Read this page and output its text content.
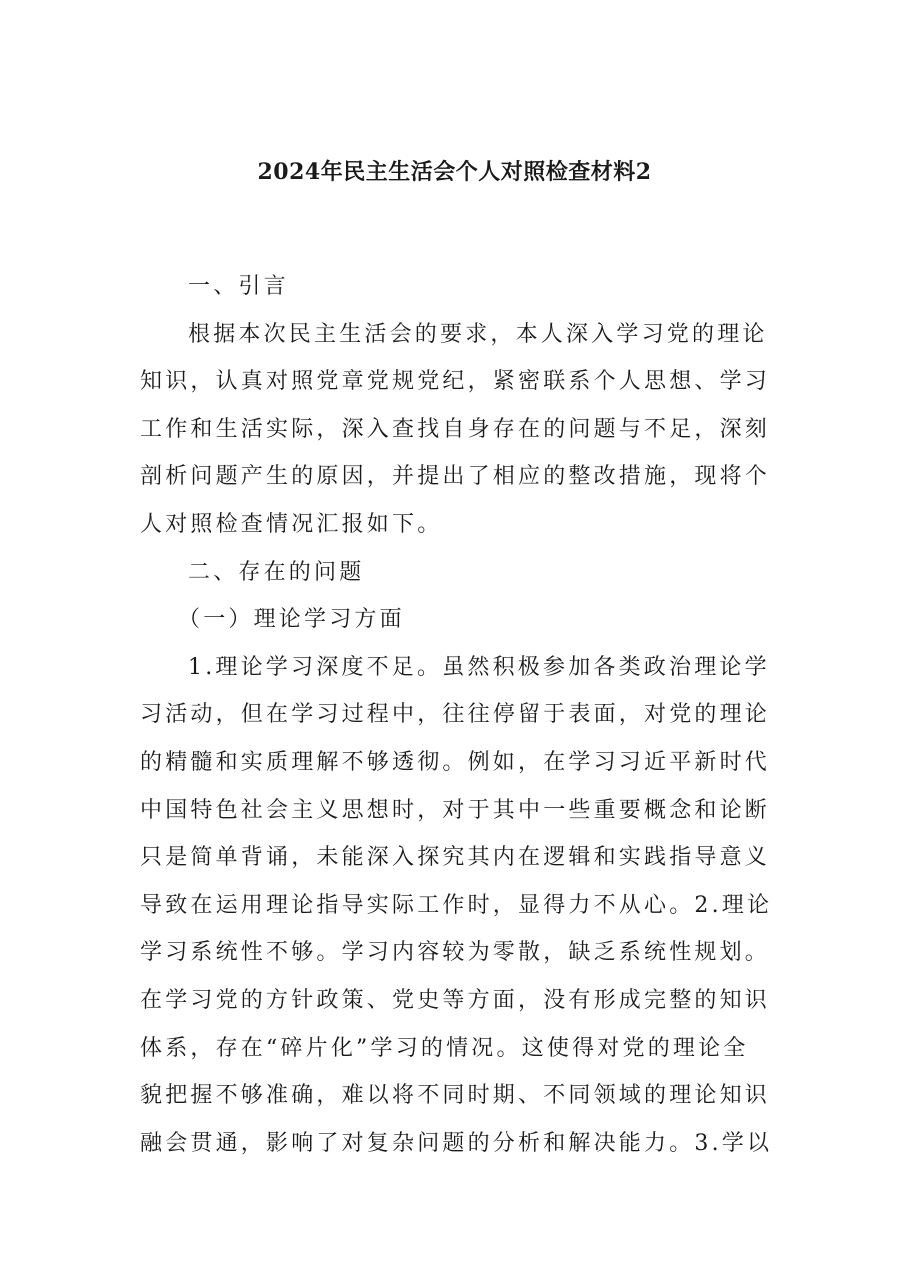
2024年民主生活会个人对照检查材料2
一、引言
根据本次民主生活会的要求，本人深入学习党的理论
知识，认真对照党章党规党纪，紧密联系个人思想、学习
工作和生活实际，深入查找自身存在的问题与不足，深刻
剖析问题产生的原因，并提出了相应的整改措施，现将个
人对照检查情况汇报如下。
二、存在的问题
（一）理论学习方面
1.理论学习深度不足。虽然积极参加各类政治理论学
习活动，但在学习过程中，往往停留于表面，对党的理论
的精髓和实质理解不够透彻。例如，在学习习近平新时代
中国特色社会主义思想时，对于其中一些重要概念和论断
只是简单背诵，未能深入探究其内在逻辑和实践指导意义
导致在运用理论指导实际工作时，显得力不从心。2.理论
学习系统性不够。学习内容较为零散，缺乏系统性规划。
在学习党的方针政策、党史等方面，没有形成完整的知识
体系，存在“碎片化”学习的情况。这使得对党的理论全
貌把握不够准确，难以将不同时期、不同领域的理论知识
融会贯通，影响了对复杂问题的分析和解决能力。3.学以
